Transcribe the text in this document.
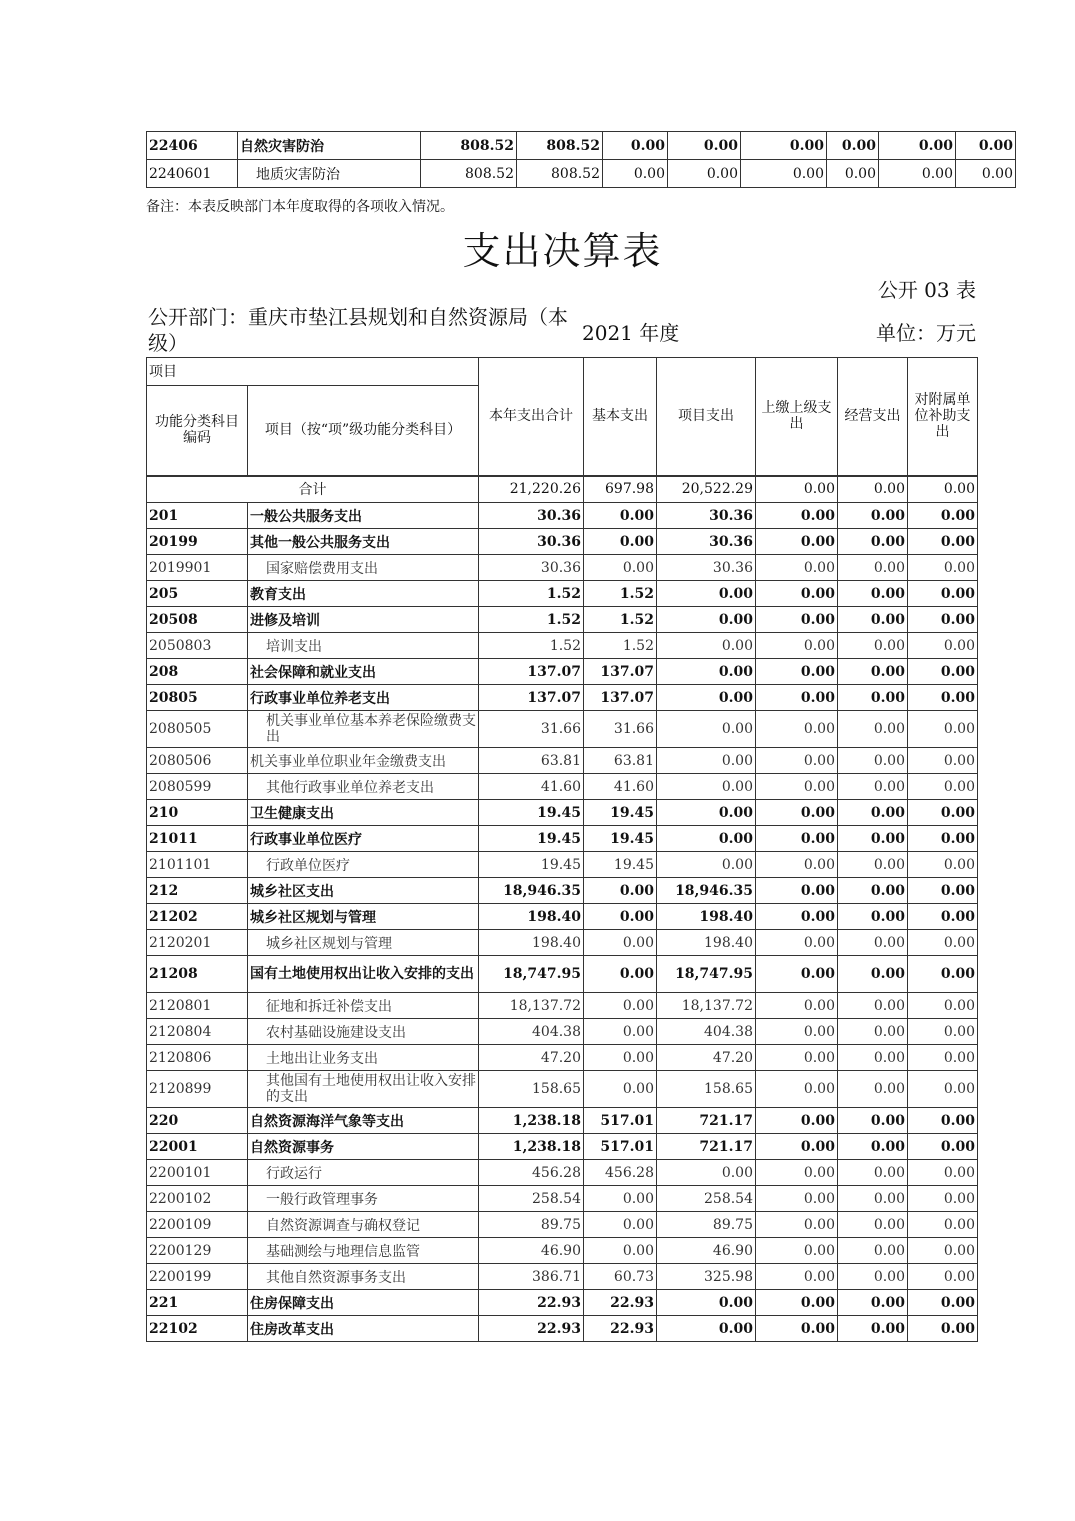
22406	自然灾害防治	808.52	808.52	0.00	0.00	0.00	0.00	0.00	0.00
2240601	地质灾害防治	808.52	808.52	0.00	0.00	0.00	0.00	0.00	0.00
备注：本表反映部门本年度取得的各项收入情况。
支出决算表
公开 03 表
公开部门：重庆市垫江县规划和自然资源局（本级）	2021 年度	单位：万元
项目		本年支出合计	基本支出	项目支出	上缴上级支出	经营支出	对附属单位补助支出
功能分类科目编码	项目（按“项”级功能分类科目）						
合计		21,220.26	697.98	20,522.29	0.00	0.00	0.00
201	一般公共服务支出	30.36	0.00	30.36	0.00	0.00	0.00
20199	其他一般公共服务支出	30.36	0.00	30.36	0.00	0.00	0.00
2019901	国家赔偿费用支出	30.36	0.00	30.36	0.00	0.00	0.00
205	教育支出	1.52	1.52	0.00	0.00	0.00	0.00
20508	进修及培训	1.52	1.52	0.00	0.00	0.00	0.00
2050803	培训支出	1.52	1.52	0.00	0.00	0.00	0.00
208	社会保障和就业支出	137.07	137.07	0.00	0.00	0.00	0.00
20805	行政事业单位养老支出	137.07	137.07	0.00	0.00	0.00	0.00
2080505	机关事业单位基本养老保险缴费支出	31.66	31.66	0.00	0.00	0.00	0.00
2080506	机关事业单位职业年金缴费支出	63.81	63.81	0.00	0.00	0.00	0.00
2080599	其他行政事业单位养老支出	41.60	41.60	0.00	0.00	0.00	0.00
210	卫生健康支出	19.45	19.45	0.00	0.00	0.00	0.00
21011	行政事业单位医疗	19.45	19.45	0.00	0.00	0.00	0.00
2101101	行政单位医疗	19.45	19.45	0.00	0.00	0.00	0.00
212	城乡社区支出	18,946.35	0.00	18,946.35	0.00	0.00	0.00
21202	城乡社区规划与管理	198.40	0.00	198.40	0.00	0.00	0.00
2120201	城乡社区规划与管理	198.40	0.00	198.40	0.00	0.00	0.00
21208	国有土地使用权出让收入安排的支出	18,747.95	0.00	18,747.95	0.00	0.00	0.00
2120801	征地和拆迁补偿支出	18,137.72	0.00	18,137.72	0.00	0.00	0.00
2120804	农村基础设施建设支出	404.38	0.00	404.38	0.00	0.00	0.00
2120806	土地出让业务支出	47.20	0.00	47.20	0.00	0.00	0.00
2120899	其他国有土地使用权出让收入安排的支出	158.65	0.00	158.65	0.00	0.00	0.00
220	自然资源海洋气象等支出	1,238.18	517.01	721.17	0.00	0.00	0.00
22001	自然资源事务	1,238.18	517.01	721.17	0.00	0.00	0.00
2200101	行政运行	456.28	456.28	0.00	0.00	0.00	0.00
2200102	一般行政管理事务	258.54	0.00	258.54	0.00	0.00	0.00
2200109	自然资源调查与确权登记	89.75	0.00	89.75	0.00	0.00	0.00
2200129	基础测绘与地理信息监管	46.90	0.00	46.90	0.00	0.00	0.00
2200199	其他自然资源事务支出	386.71	60.73	325.98	0.00	0.00	0.00
221	住房保障支出	22.93	22.93	0.00	0.00	0.00	0.00
22102	住房改革支出	22.93	22.93	0.00	0.00	0.00	0.00
